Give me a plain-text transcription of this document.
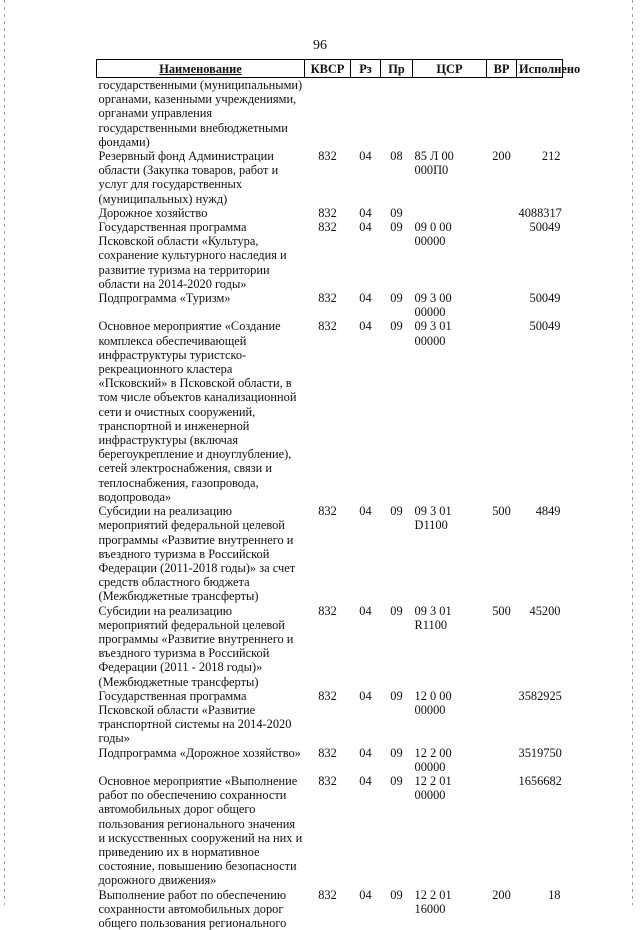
96
Наименование	КВСР	Рз	Пр	ЦСР	ВР	Исполнено
государственными (муниципальными) органами, казенными учреждениями, органами управления государственными внебюджетными фондами)						
Резервный фонд Администрации области (Закупка товаров, работ и услуг для государственных (муниципальных) нужд)	832	04	08	85 Л 00 000П0	200	212
Дорожное хозяйство	832	04	09			4088317
Государственная программа Псковской области «Культура, сохранение культурного наследия и развитие туризма на территории области на 2014-2020 годы»	832	04	09	09 0 00 00000		50049
Подпрограмма «Туризм»	832	04	09	09 3 00 00000		50049
Основное мероприятие «Создание комплекса обеспечивающей инфраструктуры туристско-рекреационного кластера «Псковский» в Псковской области, в том числе объектов канализационной сети и очистных сооружений, транспортной и инженерной инфраструктуры (включая берегоукрепление и дноуглубление), сетей электроснабжения, связи и теплоснабжения, газопровода, водопровода»	832	04	09	09 3 01 00000		50049
Субсидии на реализацию мероприятий федеральной целевой программы «Развитие внутреннего и въездного туризма в Российской Федерации (2011-2018 годы)» за счет средств областного бюджета (Межбюджетные трансферты)	832	04	09	09 3 01 D1100	500	4849
Субсидии на реализацию мероприятий федеральной целевой программы «Развитие внутреннего и въездного туризма в Российской Федерации (2011 - 2018 годы)» (Межбюджетные трансферты)	832	04	09	09 3 01 R1100	500	45200
Государственная программа Псковской области «Развитие транспортной системы на 2014-2020 годы»	832	04	09	12 0 00 00000		3582925
Подпрограмма «Дорожное хозяйство»	832	04	09	12 2 00 00000		3519750
Основное мероприятие «Выполнение работ по обеспечению сохранности автомобильных дорог общего пользования регионального значения и искусственных сооружений на них и приведению их в нормативное состояние, повышению безопасности дорожного движения»	832	04	09	12 2 01 00000		1656682
Выполнение работ по обеспечению сохранности автомобильных дорог общего пользования регионального	832	04	09	12 2 01 16000	200	18
